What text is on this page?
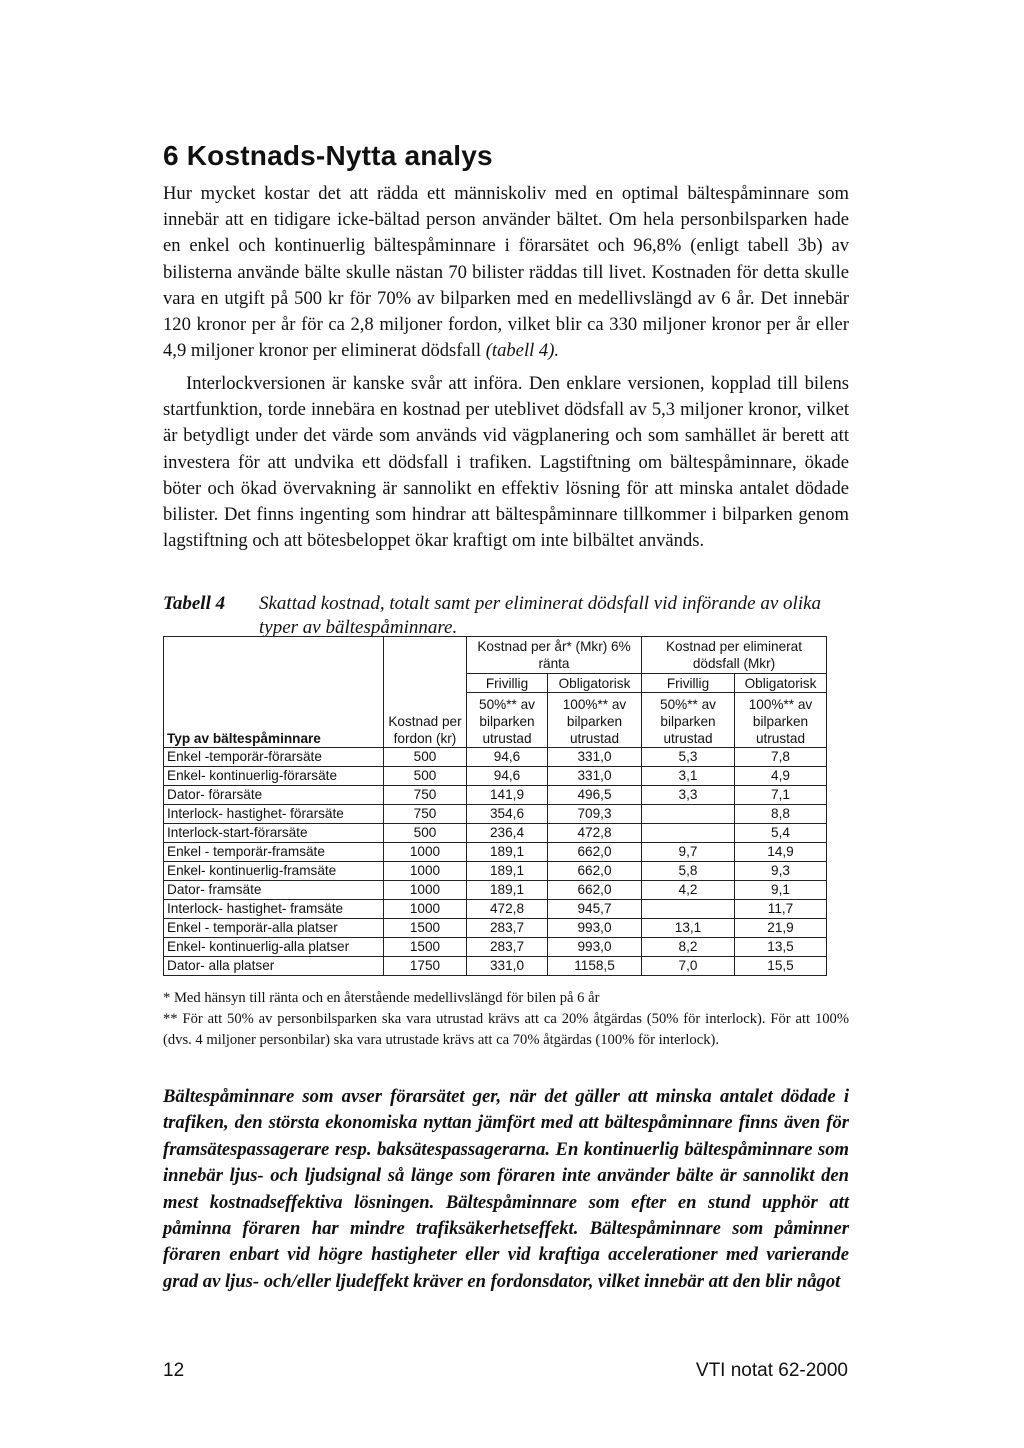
6 Kostnads-Nytta analys

Hur mycket kostar det att rädda ett människoliv med en optimal bältespåminnare som innebär att en tidigare icke-bältad person använder bältet. Om hela personbilsparken hade en enkel och kontinuerlig bältespåminnare i förarsätet och 96,8% (enligt tabell 3b) av bilisterna använde bälte skulle nästan 70 bilister räddas till livet. Kostnaden för detta skulle vara en utgift på 500 kr för 70% av bilparken med en medellivslängd av 6 år. Det innebär 120 kronor per år för ca 2,8 miljoner fordon, vilket blir ca 330 miljoner kronor per år eller 4,9 miljoner kronor per eliminerat dödsfall (tabell 4).

Interlockversionen är kanske svår att införa. Den enklare versionen, kopplad till bilens startfunktion, torde innebära en kostnad per uteblivet dödsfall av 5,3 miljoner kronor, vilket är betydligt under det värde som används vid vägplanering och som samhället är berett att investera för att undvika ett dödsfall i trafiken. Lagstiftning om bältespåminnare, ökade böter och ökad övervakning är sannolikt en effektiv lösning för att minska antalet dödade bilister. Det finns ingenting som hindrar att bältespåminnare tillkommer i bilparken genom lagstiftning och att bötesbeloppet ökar kraftigt om inte bilbältet används.

Tabell 4 Skattad kostnad, totalt samt per eliminerat dödsfall vid införande av olika typer av bältespåminnare.
Typ av bältespåminnare		Kostnad per år* (Mkr) 6% ränta		Kostnad per eliminerat dödsfall (Mkr)	
		Frivillig	Obligatorisk	Frivillig	Obligatorisk
	Kostnad per fordon (kr)	50%** av bilparken utrustad	100%** av bilparken utrustad	50%** av bilparken utrustad	100%** av bilparken utrustad
Enkel -temporär-förarsäte	500	94,6	331,0	5,3	7,8
Enkel- kontinuerlig-förarsäte	500	94,6	331,0	3,1	4,9
Dator- förarsäte	750	141,9	496,5	3,3	7,1
Interlock- hastighet- förarsäte	750	354,6	709,3		8,8
Interlock-start-förarsäte	500	236,4	472,8		5,4
Enkel - temporär-framsäte	1000	189,1	662,0	9,7	14,9
Enkel- kontinuerlig-framsäte	1000	189,1	662,0	5,8	9,3
Dator- framsäte	1000	189,1	662,0	4,2	9,1
Interlock- hastighet- framsäte	1000	472,8	945,7		11,7
Enkel - temporär-alla platser	1500	283,7	993,0	13,1	21,9
Enkel- kontinuerlig-alla platser	1500	283,7	993,0	8,2	13,5
Dator- alla platser	1750	331,0	1158,5	7,0	15,5

* Med hänsyn till ränta och en återstående medellivslängd för bilen på 6 år

** För att 50% av personbilsparken ska vara utrustad krävs att ca 20% åtgärdas (50% för interlock). För att 100% (dvs. 4 miljoner personbilar) ska vara utrustade krävs att ca 70% åtgärdas (100% för interlock).

Bältespåminnare som avser förarsätet ger, när det gäller att minska antalet dödade i trafiken, den största ekonomiska nyttan jämfört med att bältespåminnare finns även för framsätespassagerare resp. baksätespassagerarna. En kontinuerlig bältespåminnare som innebär ljus- och ljudsignal så länge som föraren inte använder bälte är sannolikt den mest kostnadseffektiva lösningen. Bältespåminnare som efter en stund upphör att påminna föraren har mindre trafiksäkerhetseffekt. Bältespåminnare som påminner föraren enbart vid högre hastigheter eller vid kraftiga accelerationer med varierande grad av ljus- och/eller ljudeffekt kräver en fordonsdator, vilket innebär att den blir något

12	VTI notat 62-2000
